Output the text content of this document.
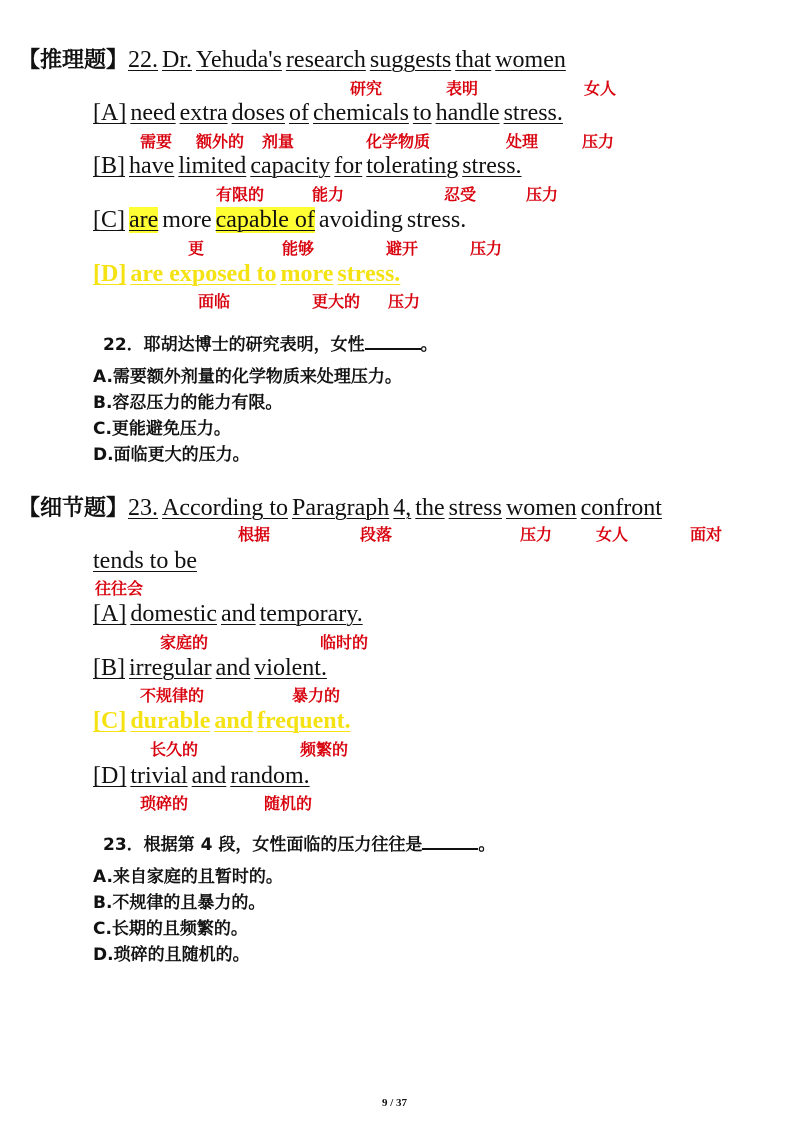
【推理题】22. Dr. Yehuda's research suggests that women
研究	表明	女人
[A] need extra doses of chemicals to handle stress.
需要 额外的 剂量	化学物质	处理	压力
[B] have limited capacity for tolerating stress.
有限的	能力	忍受	压力
[C] are more capable of avoiding stress.
更	能够	避开	压力
[D] are exposed to more stress.
面临	更大的 压力
22．耶胡达博士的研究表明，女性	。
A.需要额外剂量的化学物质来处理压力。
B.容忍压力的能力有限。
C.更能避免压力。
D.面临更大的压力。
【细节题】23. According to Paragraph 4, the stress women confront
根据	段落	压力	女人	面对
tends to be
往往会
[A] domestic and temporary.
家庭的	临时的
[B] irregular and violent.
不规律的	暴力的
[C] durable and frequent.
长久的	频繁的
[D] trivial and random.
琐碎的	随机的
23．根据第 4 段，女性面临的压力往往是	。
A.来自家庭的且暂时的。
B.不规律的且暴力的。
C.长期的且频繁的。
D.琐碎的且随机的。
9 / 37
